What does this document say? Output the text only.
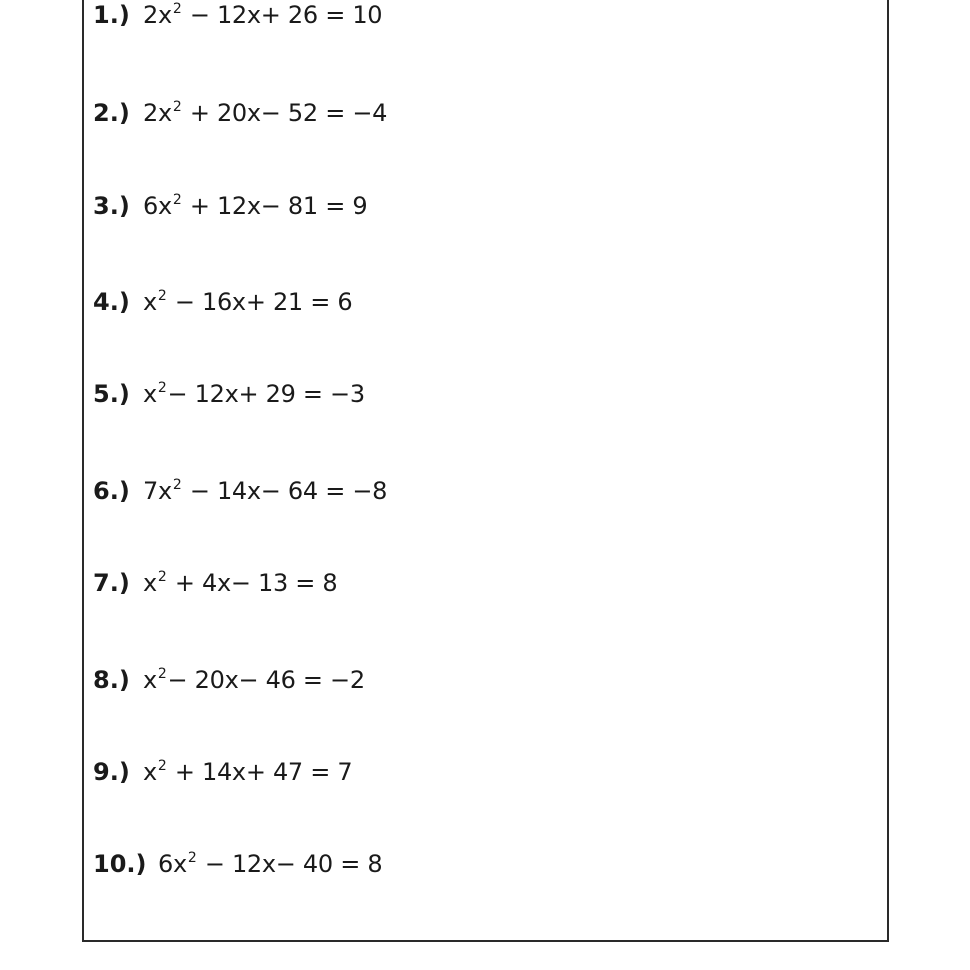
1.) $2x^2 - 12x+ 26 = 10$
2.) $2x^2 + 20x- 52 = -4$
3.) $6x^2 + 12x- 81 = 9$
4.) $x^2 - 16x+ 21 = 6$
5.) $x^2- 12x+ 29 = -3$
6.) $7x^2 - 14x- 64 = -8$
7.) $x^2 + 4x- 13 = 8$
8.) $x^2- 20x- 46 = -2$
9.) $x^2 + 14x+ 47 = 7$
10.) $6x^2 - 12x- 40 = 8$
